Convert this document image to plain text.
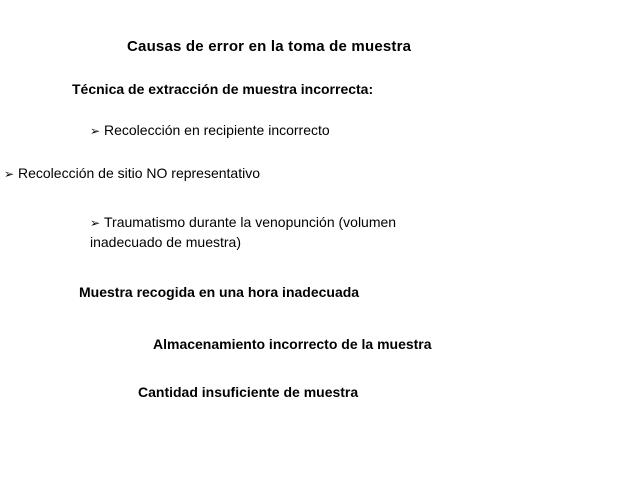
Causas de error en la toma de muestra
Técnica de extracción de muestra incorrecta:
➢ Recolección en recipiente incorrecto
➢ Recolección de sitio NO representativo
➢ Traumatismo durante la venopunción (volumen inadecuado de muestra)
Muestra recogida en una hora inadecuada
Almacenamiento incorrecto de la muestra
Cantidad insuficiente de muestra
